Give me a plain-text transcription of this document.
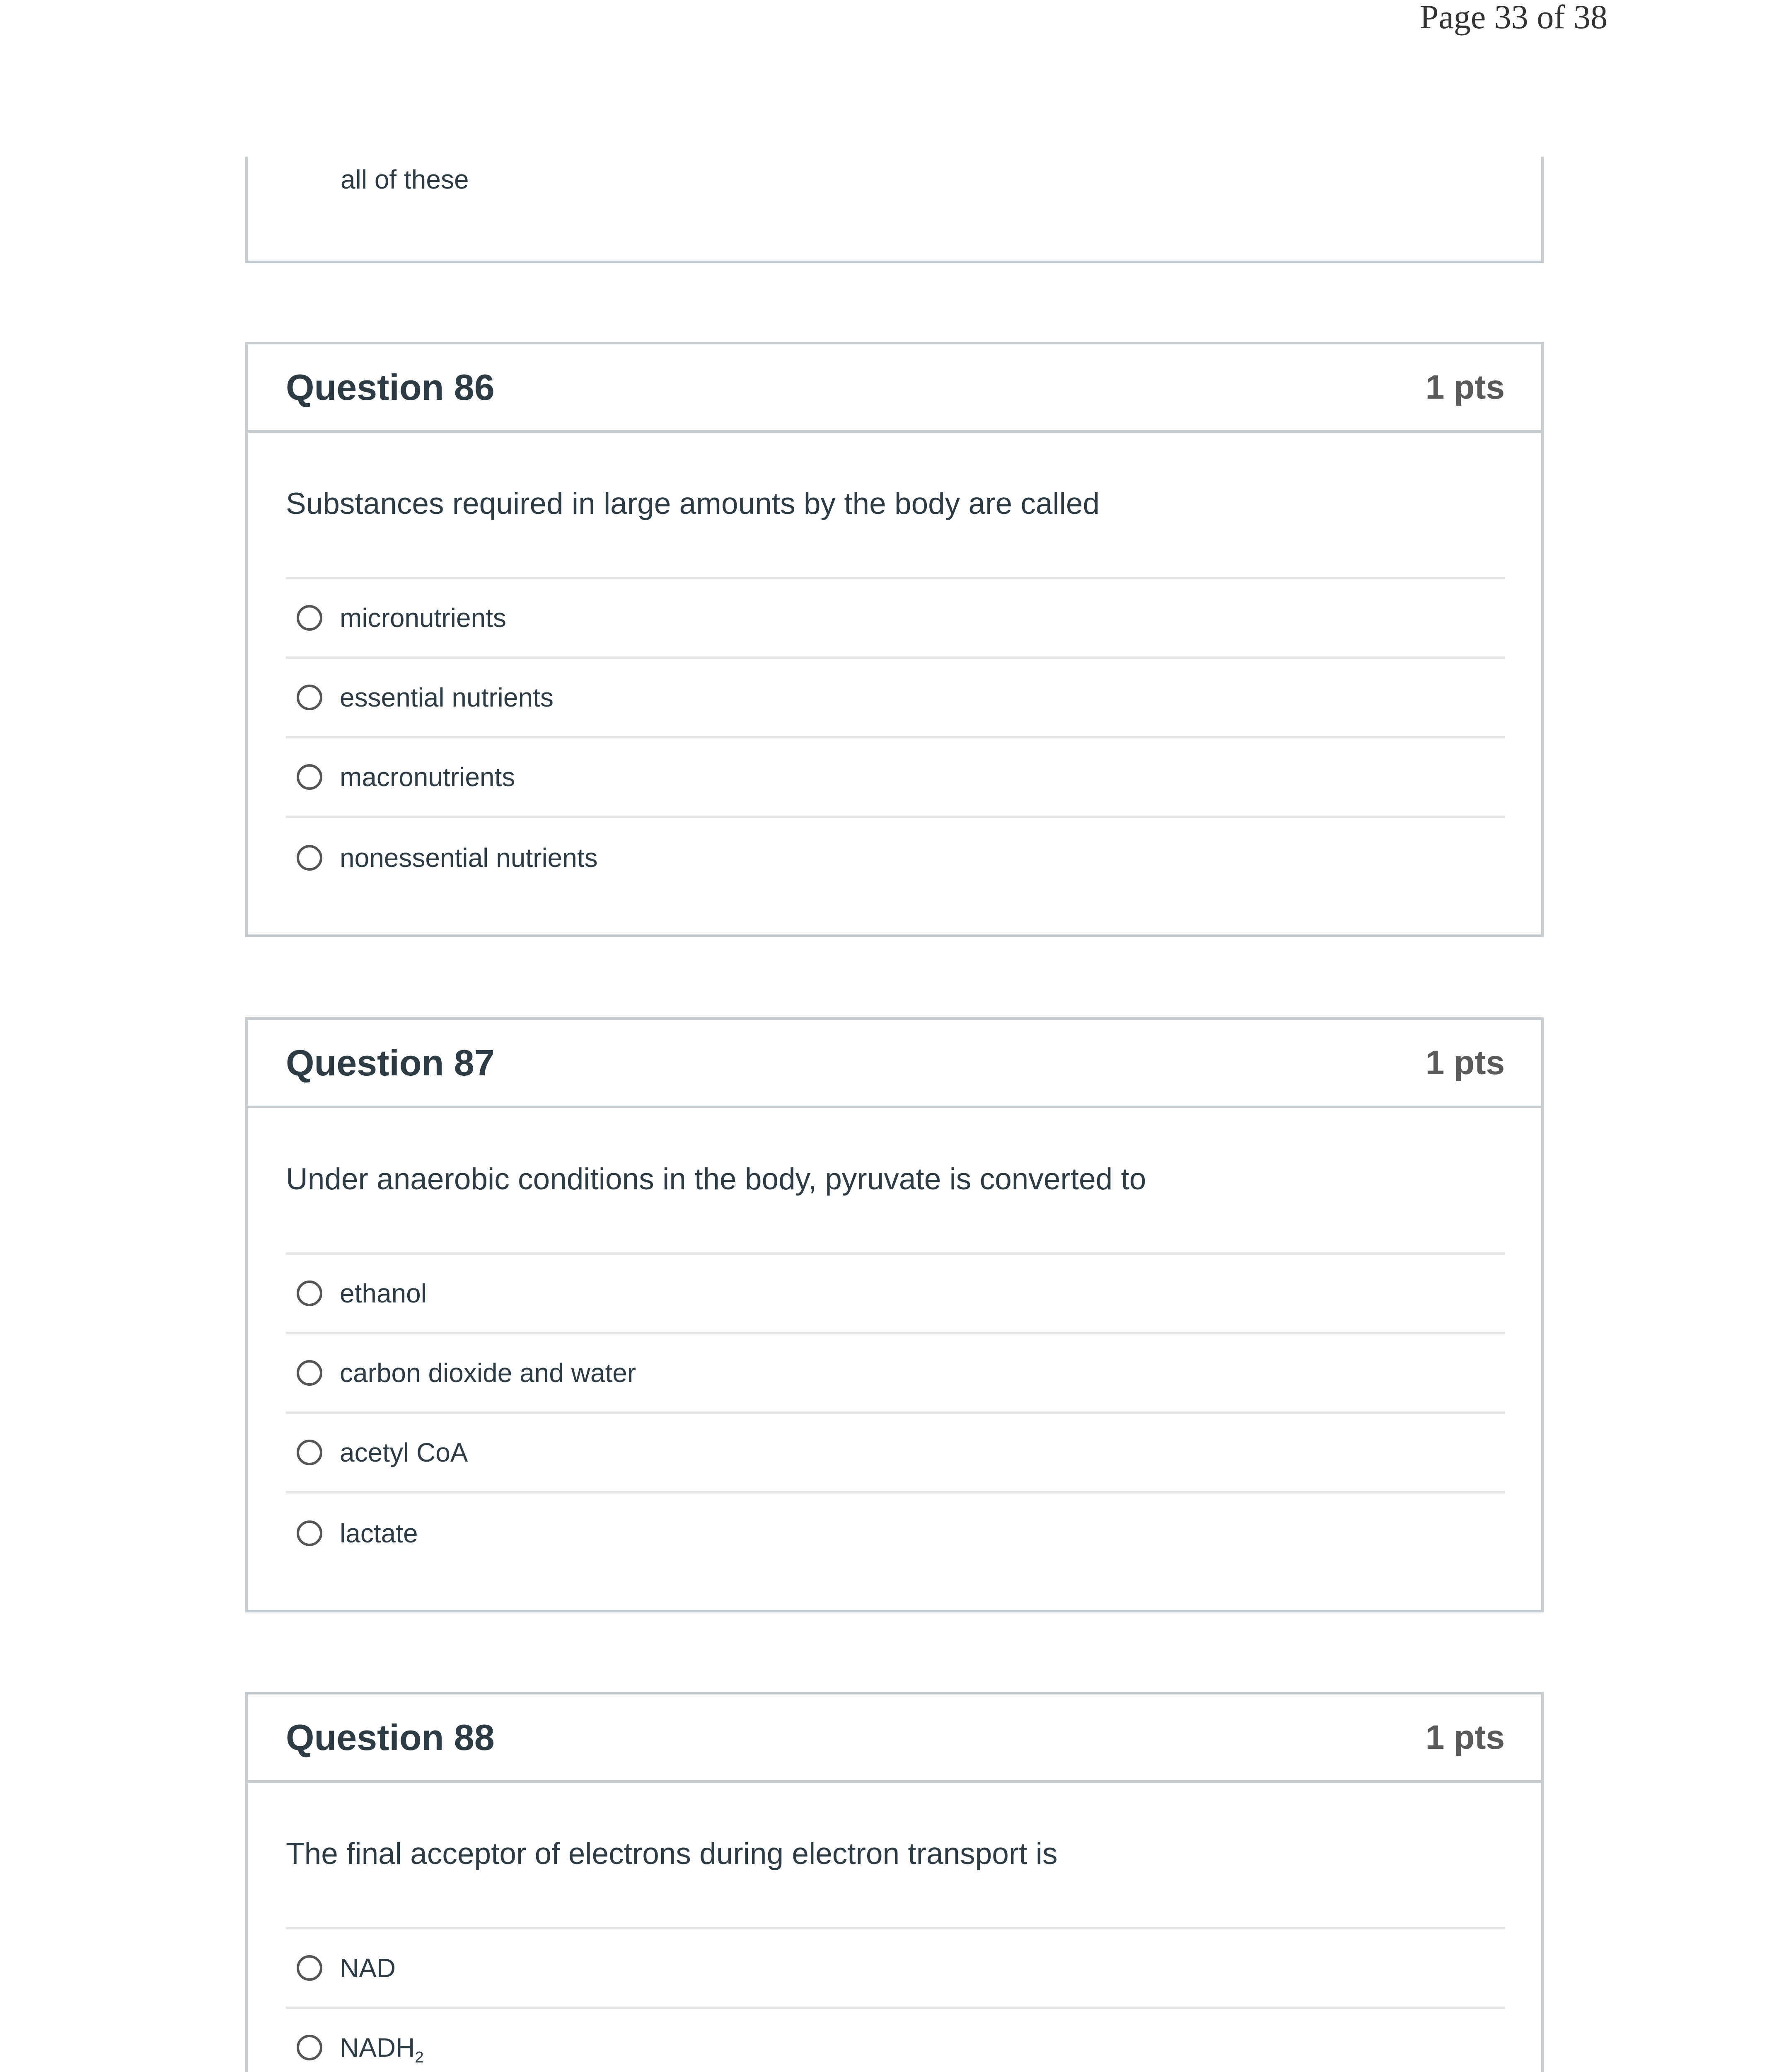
Page 33 of 38
all of these
Question 86	1 pts
Substances required in large amounts by the body are called
micronutrients
essential nutrients
macronutrients
nonessential nutrients
Question 87	1 pts
Under anaerobic conditions in the body, pyruvate is converted to
ethanol
carbon dioxide and water
acetyl CoA
lactate
Question 88	1 pts
The final acceptor of electrons during electron transport is
NAD
$NADH_2$
